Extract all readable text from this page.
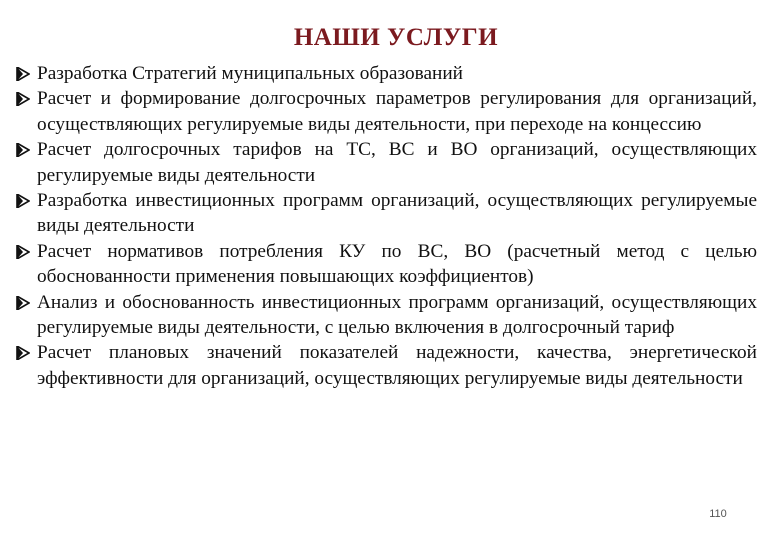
НАШИ УСЛУГИ
Разработка Стратегий муниципальных образований
Расчет и формирование долгосрочных параметров регулирования для организаций, осуществляющих регулируемые виды деятельности, при переходе на концессию
Расчет долгосрочных тарифов на ТС, ВС и ВО организаций, осуществляющих регулируемые виды деятельности
Разработка инвестиционных программ организаций, осуществляющих регулируемые виды деятельности
Расчет нормативов потребления КУ по ВС, ВО (расчетный метод с целью обоснованности применения повышающих коэффициентов)
Анализ и обоснованность инвестиционных программ организаций, осуществляющих регулируемые виды деятельности, с целью включения в долгосрочный тариф
Расчет плановых значений показателей надежности, качества, энергетической эффективности для организаций, осуществляющих регулируемые виды деятельности
110
